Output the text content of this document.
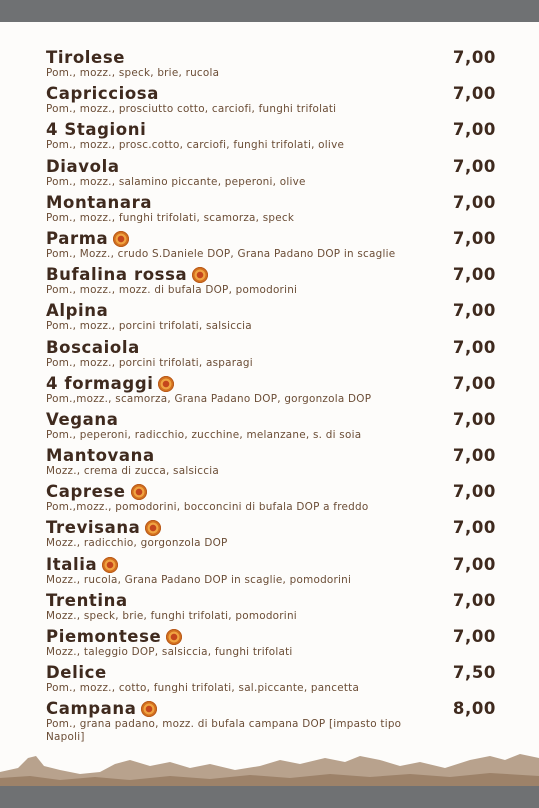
Tirolese	7,00
Pom., mozz., speck, brie, rucola
Capricciosa	7,00
Pom., mozz., prosciutto cotto, carciofi, funghi trifolati
4 Stagioni	7,00
Pom., mozz., prosc.cotto, carciofi, funghi trifolati, olive
Diavola	7,00
Pom., mozz., salamino piccante, peperoni, olive
Montanara	7,00
Pom., mozz., funghi trifolati, scamorza, speck
Parma	7,00
Pom., Mozz., crudo S.Daniele DOP, Grana Padano DOP in scaglie
Bufalina rossa	7,00
Pom., mozz., mozz. di bufala DOP, pomodorini
Alpina	7,00
Pom., mozz., porcini trifolati, salsiccia
Boscaiola	7,00
Pom., mozz., porcini trifolati, asparagi
4 formaggi	7,00
Pom.,mozz., scamorza, Grana Padano DOP, gorgonzola DOP
Vegana	7,00
Pom., peperoni, radicchio, zucchine, melanzane, s. di soia
Mantovana	7,00
Mozz., crema di zucca, salsiccia
Caprese	7,00
Pom.,mozz., pomodorini, bocconcini di bufala DOP a freddo
Trevisana	7,00
Mozz., radicchio, gorgonzola DOP
Italia	7,00
Mozz., rucola, Grana Padano DOP in scaglie, pomodorini
Trentina	7,00
Mozz., speck, brie, funghi trifolati, pomodorini
Piemontese	7,00
Mozz., taleggio DOP, salsiccia, funghi trifolati
Delice	7,50
Pom., mozz., cotto, funghi trifolati, sal.piccante, pancetta
Campana	8,00
Pom., grana padano, mozz. di bufala campana DOP [impasto tipo Napoli]
